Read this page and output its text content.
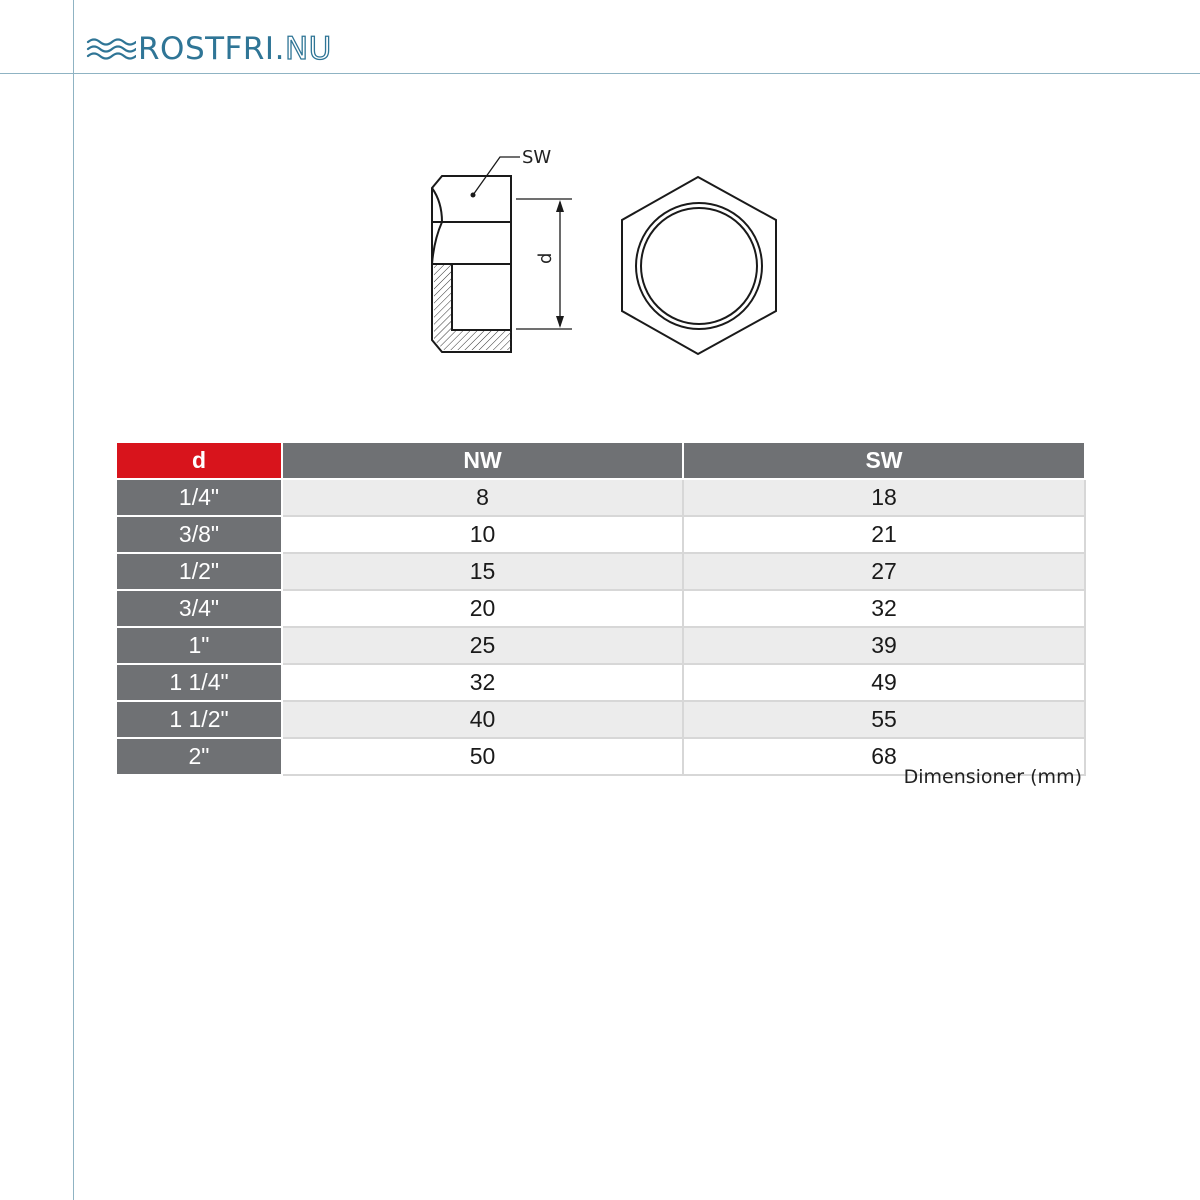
ROSTFRI.NU
SW
d
d	NW	SW
1/4"	8	18
3/8"	10	21
1/2"	15	27
3/4"	20	32
1"	25	39
1 1/4"	32	49
1 1/2"	40	55
2"	50	68
Dimensioner (mm)
